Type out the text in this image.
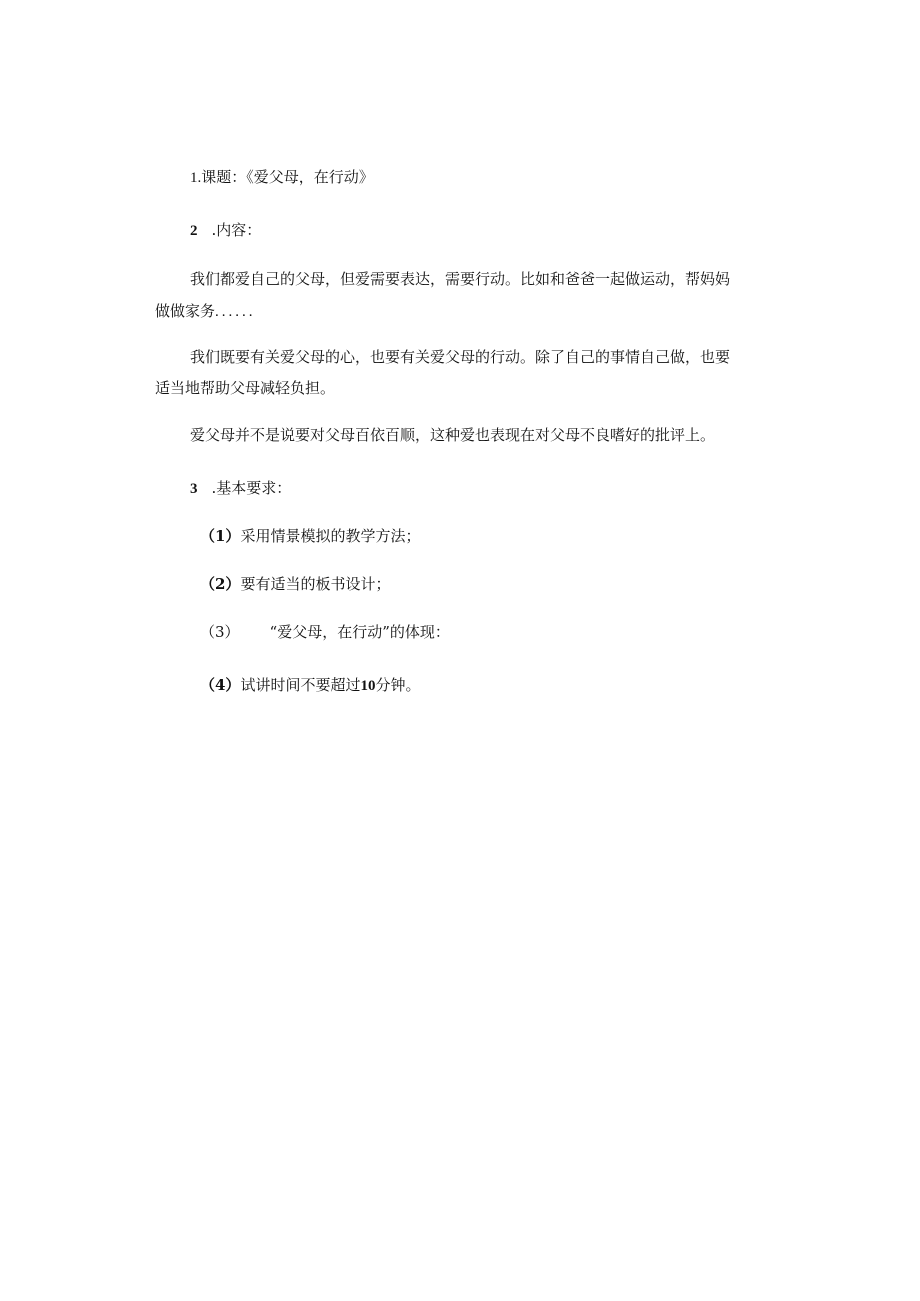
1.课题：《爱父母，在行动》
2 .内容：
我们都爱自己的父母，但爱需要表达，需要行动。比如和爸爸一起做运动，帮妈妈
做做家务......
我们既要有关爱父母的心，也要有关爱父母的行动。除了自己的事情自己做，也要
适当地帮助父母减轻负担。
爱父母并不是说要对父母百依百顺，这种爱也表现在对父母不良嗜好的批评上。
3 .基本要求：
（1）采用情景模拟的教学方法；
（2）要有适当的板书设计；
（3） “爱父母，在行动”的体现：
（4）试讲时间不要超过10分钟。
